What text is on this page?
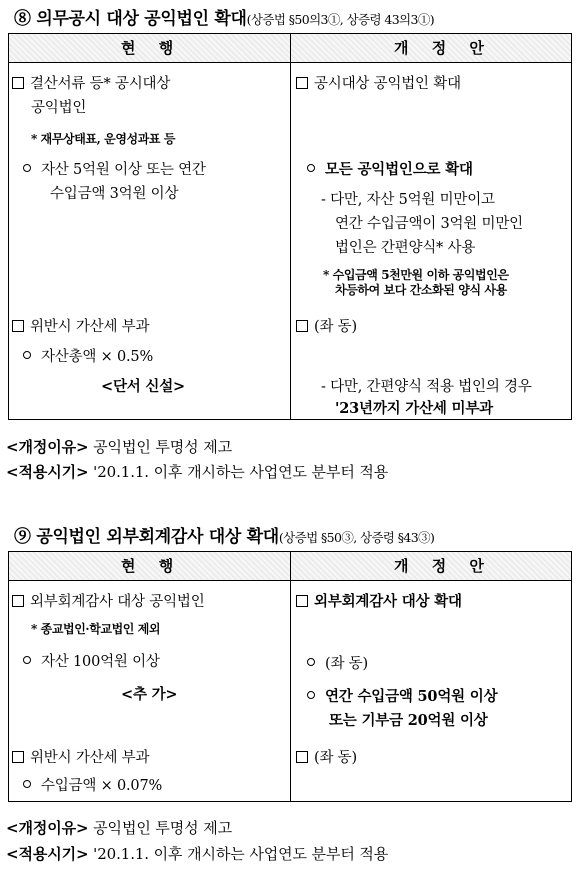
⑧ 의무공시 대상 공익법인 확대(상증법 §50의3①, 상증령 43의3①)
현 행	개 정 안
결산서류 등* 공시대상
공익법인
* 재무상태표, 운영성과표 등
자산 5억원 이상 또는 연간
수입금액 3억원 이상
위반시 가산세 부과
자산총액 × 0.5%
<단서 신설>
공시대상 공익법인 확대
모든 공익법인으로 확대
- 다만, 자산 5억원 미만이고
연간 수입금액이 3억원 미만인
법인은 간편양식* 사용
* 수입금액 5천만원 이하 공익법인은
차등하여 보다 간소화된 양식 사용
(좌 동)
- 다만, 간편양식 적용 법인의 경우
'23년까지 가산세 미부과
<개정이유> 공익법인 투명성 제고
<적용시기> '20.1.1. 이후 개시하는 사업연도 분부터 적용
⑨ 공익법인 외부회계감사 대상 확대(상증법 §50③, 상증령 §43③)
현 행	개 정 안
외부회계감사 대상 공익법인
* 종교법인·학교법인 제외
자산 100억원 이상
<추 가>
위반시 가산세 부과
수입금액 × 0.07%
외부회계감사 대상 확대
(좌 동)
연간 수입금액 50억원 이상
또는 기부금 20억원 이상
(좌 동)
<개정이유> 공익법인 투명성 제고
<적용시기> '20.1.1. 이후 개시하는 사업연도 분부터 적용
